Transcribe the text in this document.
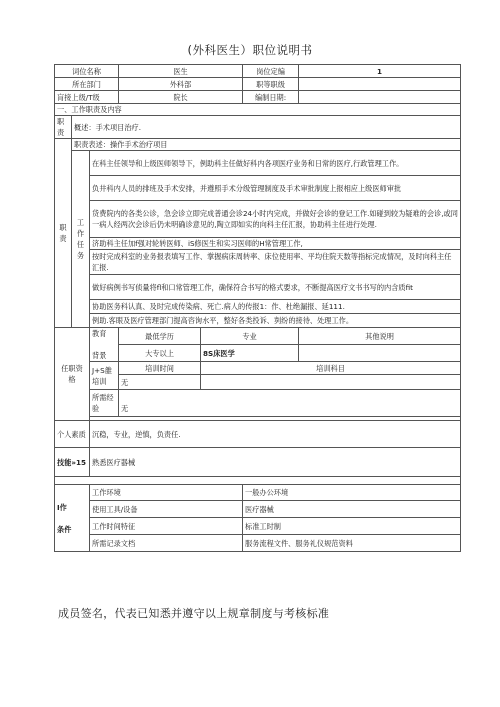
(外科医生）职位说明书
词位名称			医生		岗位定编	1
所在部门			外科部		职等职级	
肓接上级/T级			院长		编制日期:	
一、工作职责及内容						
职责	概述：手术项目治疗.					
职责	职责表述：操作手术治疗项目					
	工作
任务	在科主任领导和上级医师领导下，例助科主任做好科内各项医疗业务和日常的医疗,行政管理工作。				
		负井科内人员的排班及手术安排，并遵照手术分级管理制度及手术审批制度上报相应上级医师审批				
		货费院内的各类公诊，急会诊立即完成普通会诊24小时内完成，并做好会诊的登记工作.如碰到较为疑难的会诊,或同一病人经两次会诊后仍未明确诊意见的,陶立即如实的向科主任汇报，协助科主任进行处理.				
		济助科主任加f强对轮转医师、iS修医生和实习医师的H常管理工作,				
		按时完成科室的业务报表填写工作、掌握病床周转率、床位使用率、平均住院天数等指标完成情况，及时向科主任汇报.				
		做好病例书写侦量将fl和口常管理工作，确保符合书写的格式要求，不断提高医疗文书书写的内含质fit				
		协助医务科认真、及时完成传染病、死亡.病人的传报1：作、杜绝漏报、延111.				
		例助.客眼及医疗管理部门提高咨询水平，整好各类投诉、刿纷的接待、处理工作。				
任职资
格		教育

背景	最低学历	专业		其他说明
			大专以上	8S床医学		
		J+S雒培训	培训时间	培训科目		
			无			
		所需经验	无			

个人素质		沉稳，专业，逆慎，负责任.				
技能»15		熟悉医疗器械				

I作

条件		工作环境			一般办公环境	
		使用工具/设备			医疗器械	
		工作时间特征			标准工时制	
		所需记录文档			服务流程文件、服务礼仪规范资料	
成员签名，代表已知悉并遵守以上规章制度与考核标准
